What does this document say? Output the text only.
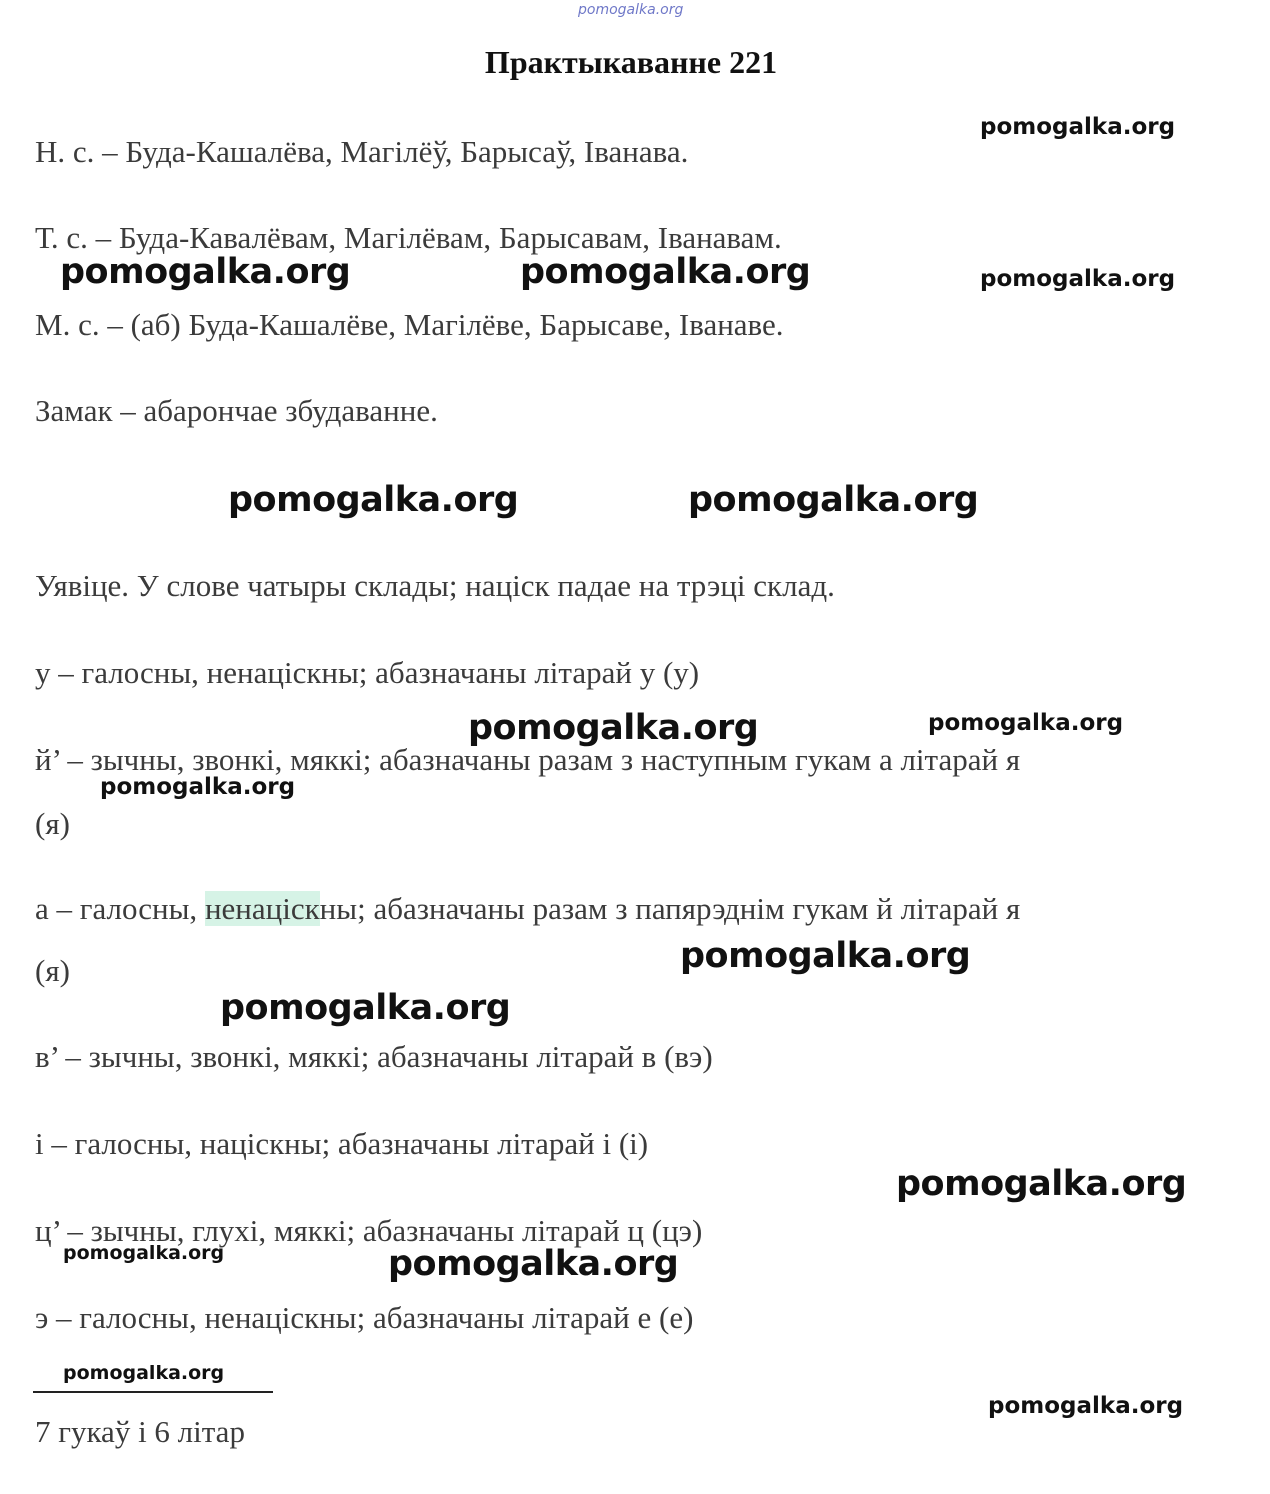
pomogalka.org
Практыкаванне 221
Н. с. – Буда-Кашалёва, Магілёў, Барысаў, Іванава.
Т. с. – Буда-Кавалёвам, Магілёвам, Барысавам, Іванавам.
М. с. – (аб) Буда-Кашалёве, Магілёве, Барысаве, Іванаве.
Замак – абарончае збудаванне.
Уявіце. У слове чатыры склады; націск падае на трэці склад.
у – галосны, ненаціскны; абазначаны літарай у (у)
й’ – зычны, звонкі, мяккі; абазначаны разам з наступным гукам а літарай я
(я)
а – галосны, ненаціскны; абазначаны разам з папярэднім гукам й літарай я
(я)
в’ – зычны, звонкі, мяккі; абазначаны літарай в (вэ)
і – галосны, націскны; абазначаны літарай і (і)
ц’ – зычны, глухі, мяккі; абазначаны літарай ц (цэ)
э – галосны, ненаціскны; абазначаны літарай е (е)
7 гукаў і 6 літар
pomogalka.org
pomogalka.org	pomogalka.org	pomogalka.org
pomogalka.org	pomogalka.org
pomogalka.org	pomogalka.org
pomogalka.org
pomogalka.org
pomogalka.org
pomogalka.org
pomogalka.org	pomogalka.org
pomogalka.org
pomogalka.org
